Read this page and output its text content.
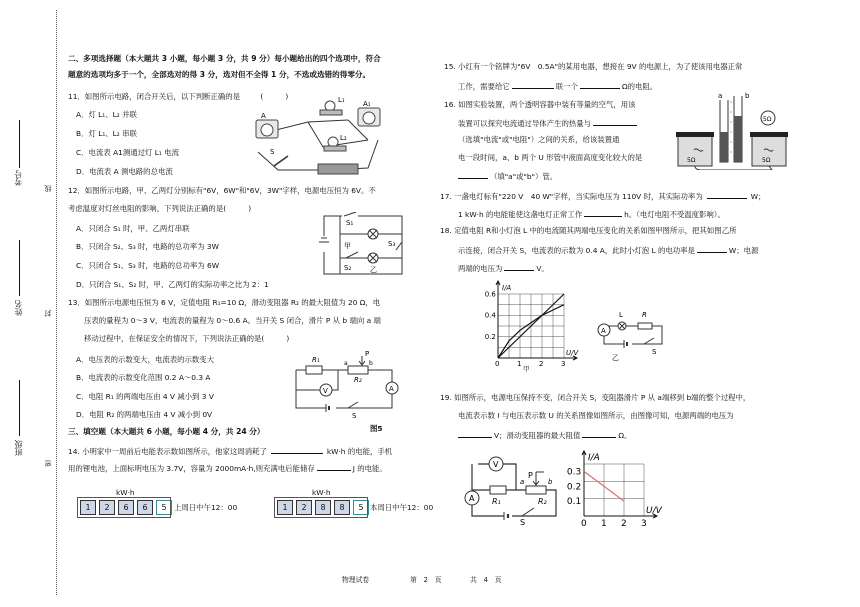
考号
姓名
班级
线
封
密
二、多项选择题（本大题共 3 小题，每小题 3 分，共 9 分）每小题给出的四个选项中，符合
题意的选项均多于一个，全部选对的得 3 分，选对但不全得 1 分，不选或选错的得零分。
11．如图所示电路，闭合开关后，以下判断正确的是	(　　　)
A．灯 L₁、L₂ 并联
B．灯 L₁、L₂ 串联
C．电流表 A1测通过灯 L₁ 电流
D．电流表 A 测电路的总电流
A
A₁
L₁
L₂
S
12．如图所示电路，甲、乙两灯分别标有"6V，6W"和"6V，3W"字样，电源电压恒为 6V。不
考虑温度对灯丝电阻的影响，下列说法正确的是(　　　)
A．只闭合 S₁ 时，甲、乙两灯串联
B．只闭合 S₂、S₃ 时，电路的总功率为 3W
C．只闭合 S₁、S₃ 时，电路的总功率为 6W
D．只闭合 S₁、S₂ 时，甲、乙两灯的实际功率之比为 2：1
S₁
甲
S₂
S₃
乙
13．如图所示电源电压恒为 6 V，定值电阻 R₁=10 Ω，滑动变阻器 R₂ 的最大阻值为 20 Ω，电
压表的量程为 0～3 V，电流表的量程为 0～0.6 A。当开关 S 闭合，滑片 P 从 b 端向 a 端
移动过程中，在保证安全的情况下，下列说法正确的是(　　　)
A．电压表的示数变大，电流表的示数变大
B．电流表的示数变化范围 0.2 A～0.3 A
C．电阻 R₁ 的两端电压由 4 V 减小到 3 V
D．电阻 R₂ 的两端电压由 4 V 减小到 0V
R₁
R₂
P
a	b
V	A
S
三、填空题（本大题共 6 小题，每小题 4 分，共 24 分）	图5
14. 小明家中一周前后电能表示数如图所示，他家这周消耗了	kW·h 的电能，手机
用的锂电池，上面标明电压为 3.7V，容量为 2000mA·h,则充满电后能储存	J 的电能。
kW·h
1	2	6	6	5	上周日中午12：00
kW·h
1	2	8	8	5 本周日中午12：00
15. 小红有一个铭牌为"6V　0.5A"的某用电器，想接在 9V 的电源上，为了使该用电器正常
工作，需要给它	联一个	Ω的电阻。
16. 如图实验装置，两个透明容器中装有等量的空气，用该
装置可以探究电流通过导体产生的热量与
（选填"电流"或"电阻"）之间的关系，给该装置通
电一段时间，a、b 两个 U 形管中液面高度变化较大的是
（填"a"或"b"）管。
a	b
5Ω
5Ω
5Ω
17. 一盏电灯标有"220 V　40 W"字样，当实际电压为 110V 时，其实际功率为	W；
1 kW·h 的电能能使这盏电灯正常工作	h。（电灯电阻不受温度影响）。
18. 定值电阻 R和小灯泡 L 中的电流随其两端电压变化的关系如图甲图所示，把其如图乙所
示连接，闭合开关 S，电流表的示数为 0.4 A，此时小灯泡 L 的电功率是	W；电源
两端的电压为	V。
0	1	2	3
0.2
0.4
0.6
U/V
I/A
甲
A
L	R
S
乙
19. 如图所示，电源电压保持不变，闭合开关 S，变阻器滑片 P 从 a端移到 b端的整个过程中，
电流表示数 I 与电压表示数 U 的关系图像如图所示，由图像可知，电源两端的电压为
V；滑动变阻器的最大阻值	Ω。
V
A R₁	R₂
P
a	b
S	0 1 2 3
0.1
0.2
0.3
U/V
I/A
物理试卷	第　2　页	共　4　页
